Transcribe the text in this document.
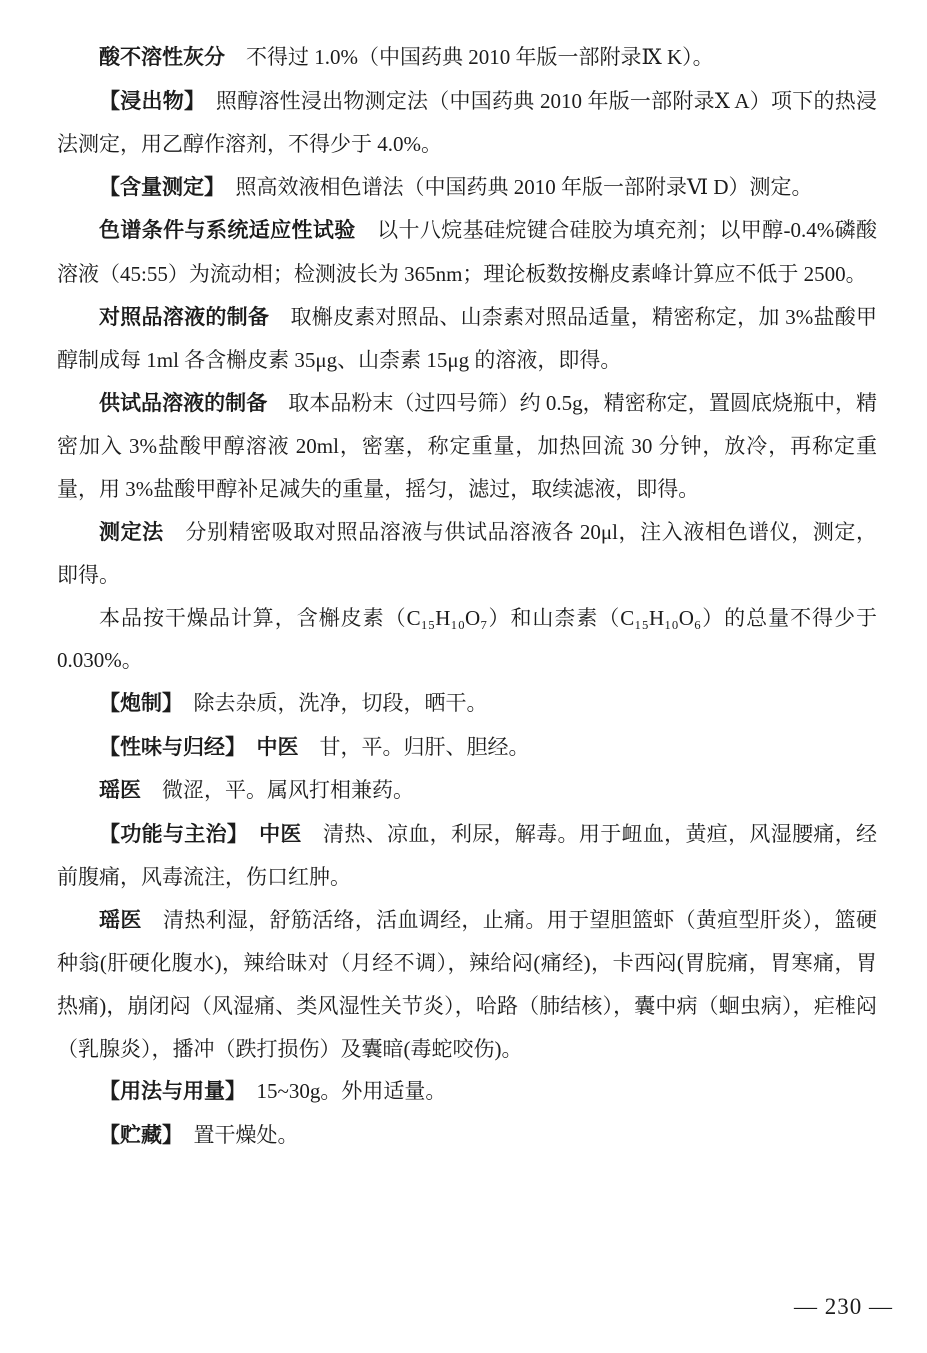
酸不溶性灰分　不得过 1.0%（中国药典 2010 年版一部附录Ⅸ K）。

【浸出物】　照醇溶性浸出物测定法（中国药典 2010 年版一部附录Ⅹ A）项下的热浸法测定，用乙醇作溶剂，不得少于 4.0%。

【含量测定】　照高效液相色谱法（中国药典 2010 年版一部附录Ⅵ D）测定。

色谱条件与系统适应性试验　以十八烷基硅烷键合硅胶为填充剂；以甲醇-0.4%磷酸溶液（45:55）为流动相；检测波长为 365nm；理论板数按槲皮素峰计算应不低于 2500。

对照品溶液的制备　取槲皮素对照品、山柰素对照品适量，精密称定，加 3%盐酸甲醇制成每 1ml 各含槲皮素 35μg、山柰素 15μg 的溶液，即得。

供试品溶液的制备　取本品粉末（过四号筛）约 0.5g，精密称定，置圆底烧瓶中，精密加入 3%盐酸甲醇溶液 20ml，密塞，称定重量，加热回流 30 分钟，放冷，再称定重量，用 3%盐酸甲醇补足减失的重量，摇匀，滤过，取续滤液，即得。

测定法　分别精密吸取对照品溶液与供试品溶液各 20μl，注入液相色谱仪，测定，即得。

本品按干燥品计算，含槲皮素（C₁₅H₁₀O₇）和山柰素（C₁₅H₁₀O₆）的总量不得少于 0.030%。

【炮制】　除去杂质，洗净，切段，晒干。

【性味与归经】　中医　甘，平。归肝、胆经。

瑶医　微涩，平。属风打相兼药。

【功能与主治】　中医　清热、凉血，利尿，解毒。用于衄血，黄疸，风湿腰痛，经前腹痛，风毒流注，伤口红肿。

瑶医　清热利湿，舒筋活络，活血调经，止痛。用于望胆篮虾（黄疸型肝炎），篮硬种翁(肝硬化腹水)，辣给昧对（月经不调），辣给闷(痛经)，卡西闷(胃脘痛，胃寒痛，胃热痛)，崩闭闷（风湿痛、类风湿性关节炎），哈路（肺结核），囊中病（蛔虫病），疟椎闷（乳腺炎），播冲（跌打损伤）及囊暗(毒蛇咬伤)。

【用法与用量】　15~30g。外用适量。

【贮藏】　置干燥处。

— 230 —
